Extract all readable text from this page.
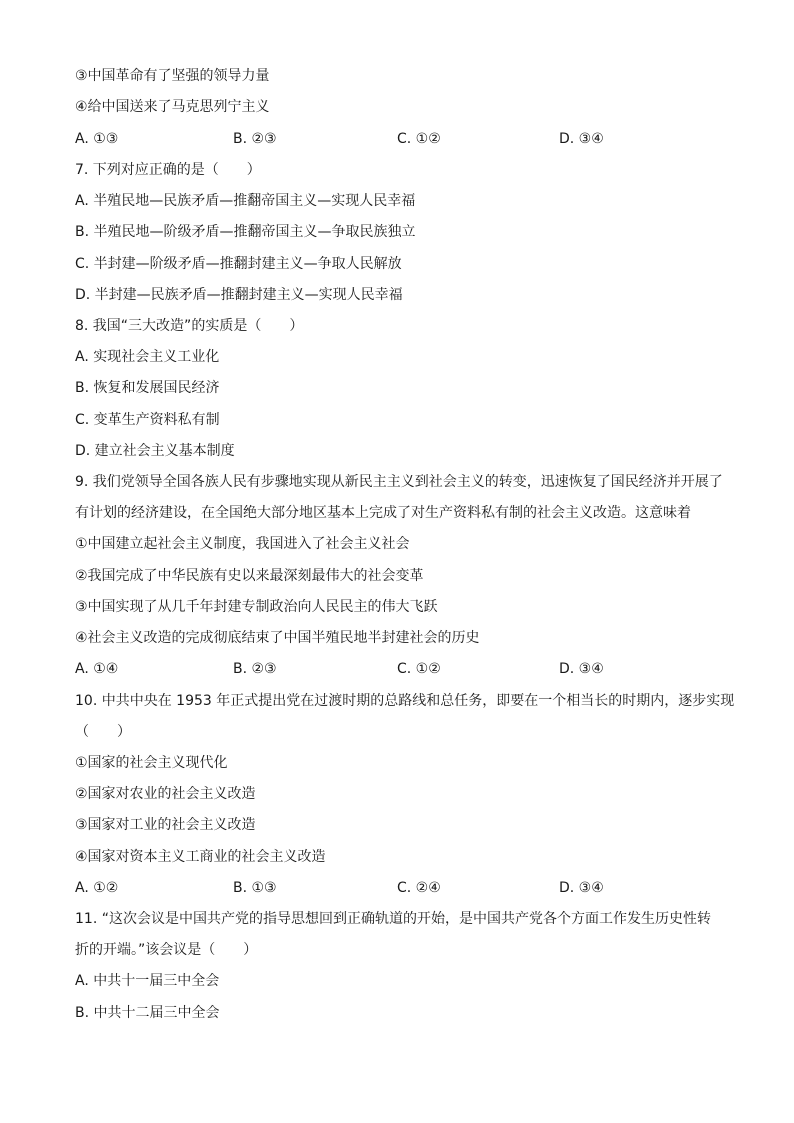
③中国革命有了坚强的领导力量
④给中国送来了马克思列宁主义
A. ①③	B. ②③	C. ①②	D. ③④
7. 下列对应正确的是（　　）
A. 半殖民地—民族矛盾—推翻帝国主义—实现人民幸福
B. 半殖民地—阶级矛盾—推翻帝国主义—争取民族独立
C. 半封建—阶级矛盾—推翻封建主义—争取人民解放
D. 半封建—民族矛盾—推翻封建主义—实现人民幸福
8. 我国“三大改造”的实质是（　　）
A. 实现社会主义工业化
B. 恢复和发展国民经济
C. 变革生产资料私有制
D. 建立社会主义基本制度
9. 我们党领导全国各族人民有步骤地实现从新民主主义到社会主义的转变，迅速恢复了国民经济并开展了
有计划的经济建设，在全国绝大部分地区基本上完成了对生产资料私有制的社会主义改造。这意味着
①中国建立起社会主义制度，我国进入了社会主义社会
②我国完成了中华民族有史以来最深刻最伟大的社会变革
③中国实现了从几千年封建专制政治向人民民主的伟大飞跃
④社会主义改造的完成彻底结束了中国半殖民地半封建社会的历史
A. ①④	B. ②③	C. ①②	D. ③④
10. 中共中央在 1953 年正式提出党在过渡时期的总路线和总任务，即要在一个相当长的时期内，逐步实现
（　　）
①国家的社会主义现代化
②国家对农业的社会主义改造
③国家对工业的社会主义改造
④国家对资本主义工商业的社会主义改造
A. ①②	B. ①③	C. ②④	D. ③④
11. “这次会议是中国共产党的指导思想回到正确轨道的开始，是中国共产党各个方面工作发生历史性转
折的开端。”该会议是（　　）
A. 中共十一届三中全会
B. 中共十二届三中全会
